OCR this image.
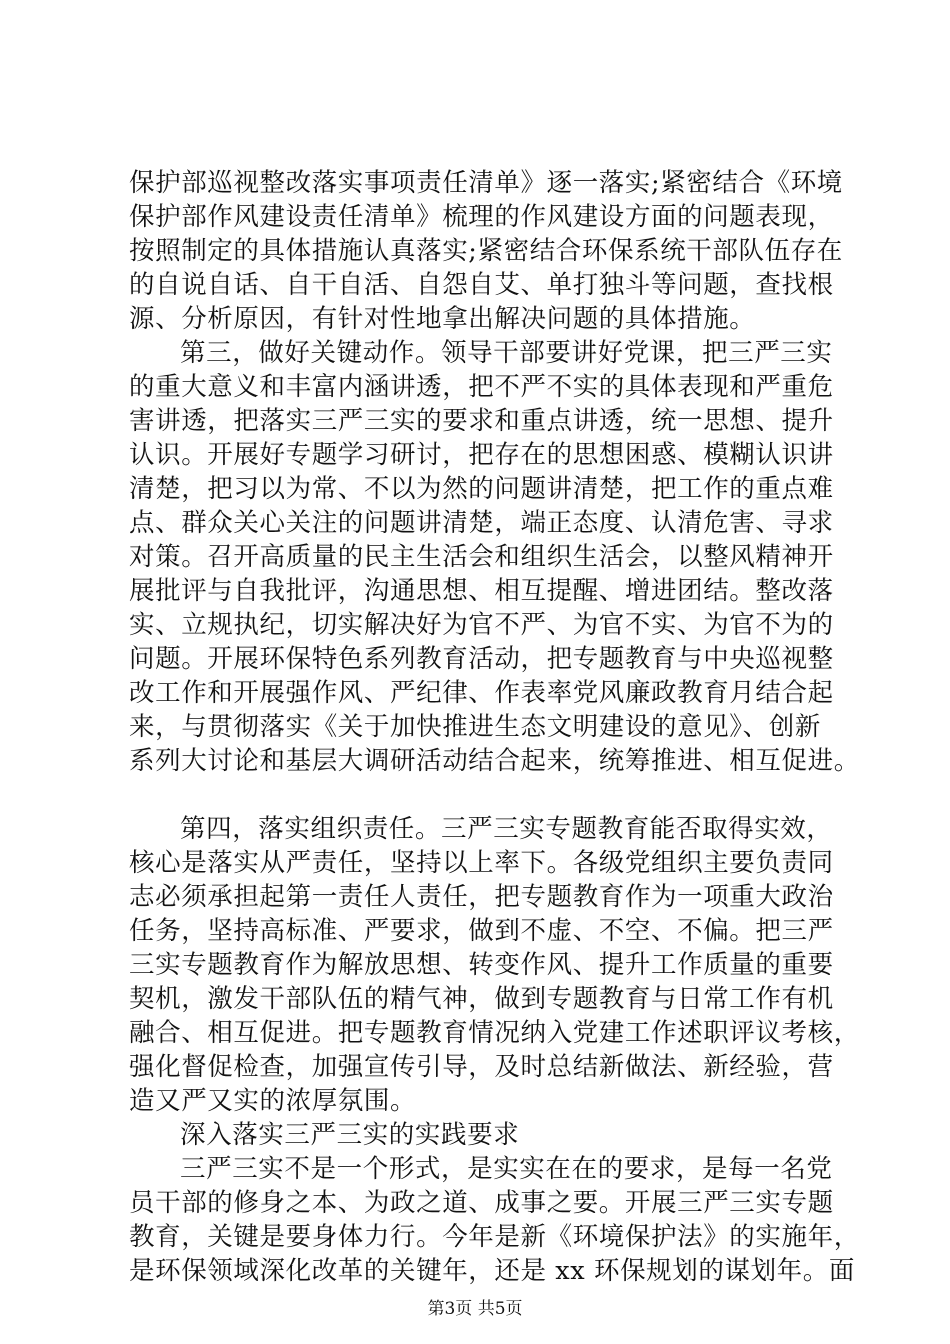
保护部巡视整改落实事项责任清单》逐一落实;紧密结合《环境
保护部作风建设责任清单》梳理的作风建设方面的问题表现，
按照制定的具体措施认真落实;紧密结合环保系统干部队伍存在
的自说自话、自干自活、自怨自艾、单打独斗等问题，查找根
源、分析原因，有针对性地拿出解决问题的具体措施。
第三，做好关键动作。领导干部要讲好党课，把三严三实
的重大意义和丰富内涵讲透，把不严不实的具体表现和严重危
害讲透，把落实三严三实的要求和重点讲透，统一思想、提升
认识。开展好专题学习研讨，把存在的思想困惑、模糊认识讲
清楚，把习以为常、不以为然的问题讲清楚，把工作的重点难
点、群众关心关注的问题讲清楚，端正态度、认清危害、寻求
对策。召开高质量的民主生活会和组织生活会，以整风精神开
展批评与自我批评，沟通思想、相互提醒、增进团结。整改落
实、立规执纪，切实解决好为官不严、为官不实、为官不为的
问题。开展环保特色系列教育活动，把专题教育与中央巡视整
改工作和开展强作风、严纪律、作表率党风廉政教育月结合起
来，与贯彻落实《关于加快推进生态文明建设的意见》、创新
系列大讨论和基层大调研活动结合起来，统筹推进、相互促进。
第四，落实组织责任。三严三实专题教育能否取得实效，
核心是落实从严责任，坚持以上率下。各级党组织主要负责同
志必须承担起第一责任人责任，把专题教育作为一项重大政治
任务，坚持高标准、严要求，做到不虚、不空、不偏。把三严
三实专题教育作为解放思想、转变作风、提升工作质量的重要
契机，激发干部队伍的精气神，做到专题教育与日常工作有机
融合、相互促进。把专题教育情况纳入党建工作述职评议考核，
强化督促检查，加强宣传引导，及时总结新做法、新经验，营
造又严又实的浓厚氛围。
深入落实三严三实的实践要求
三严三实不是一个形式，是实实在在的要求，是每一名党
员干部的修身之本、为政之道、成事之要。开展三严三实专题
教育，关键是要身体力行。今年是新《环境保护法》的实施年，
是环保领域深化改革的关键年，还是 xx 环保规划的谋划年。面
第3页 共5页
